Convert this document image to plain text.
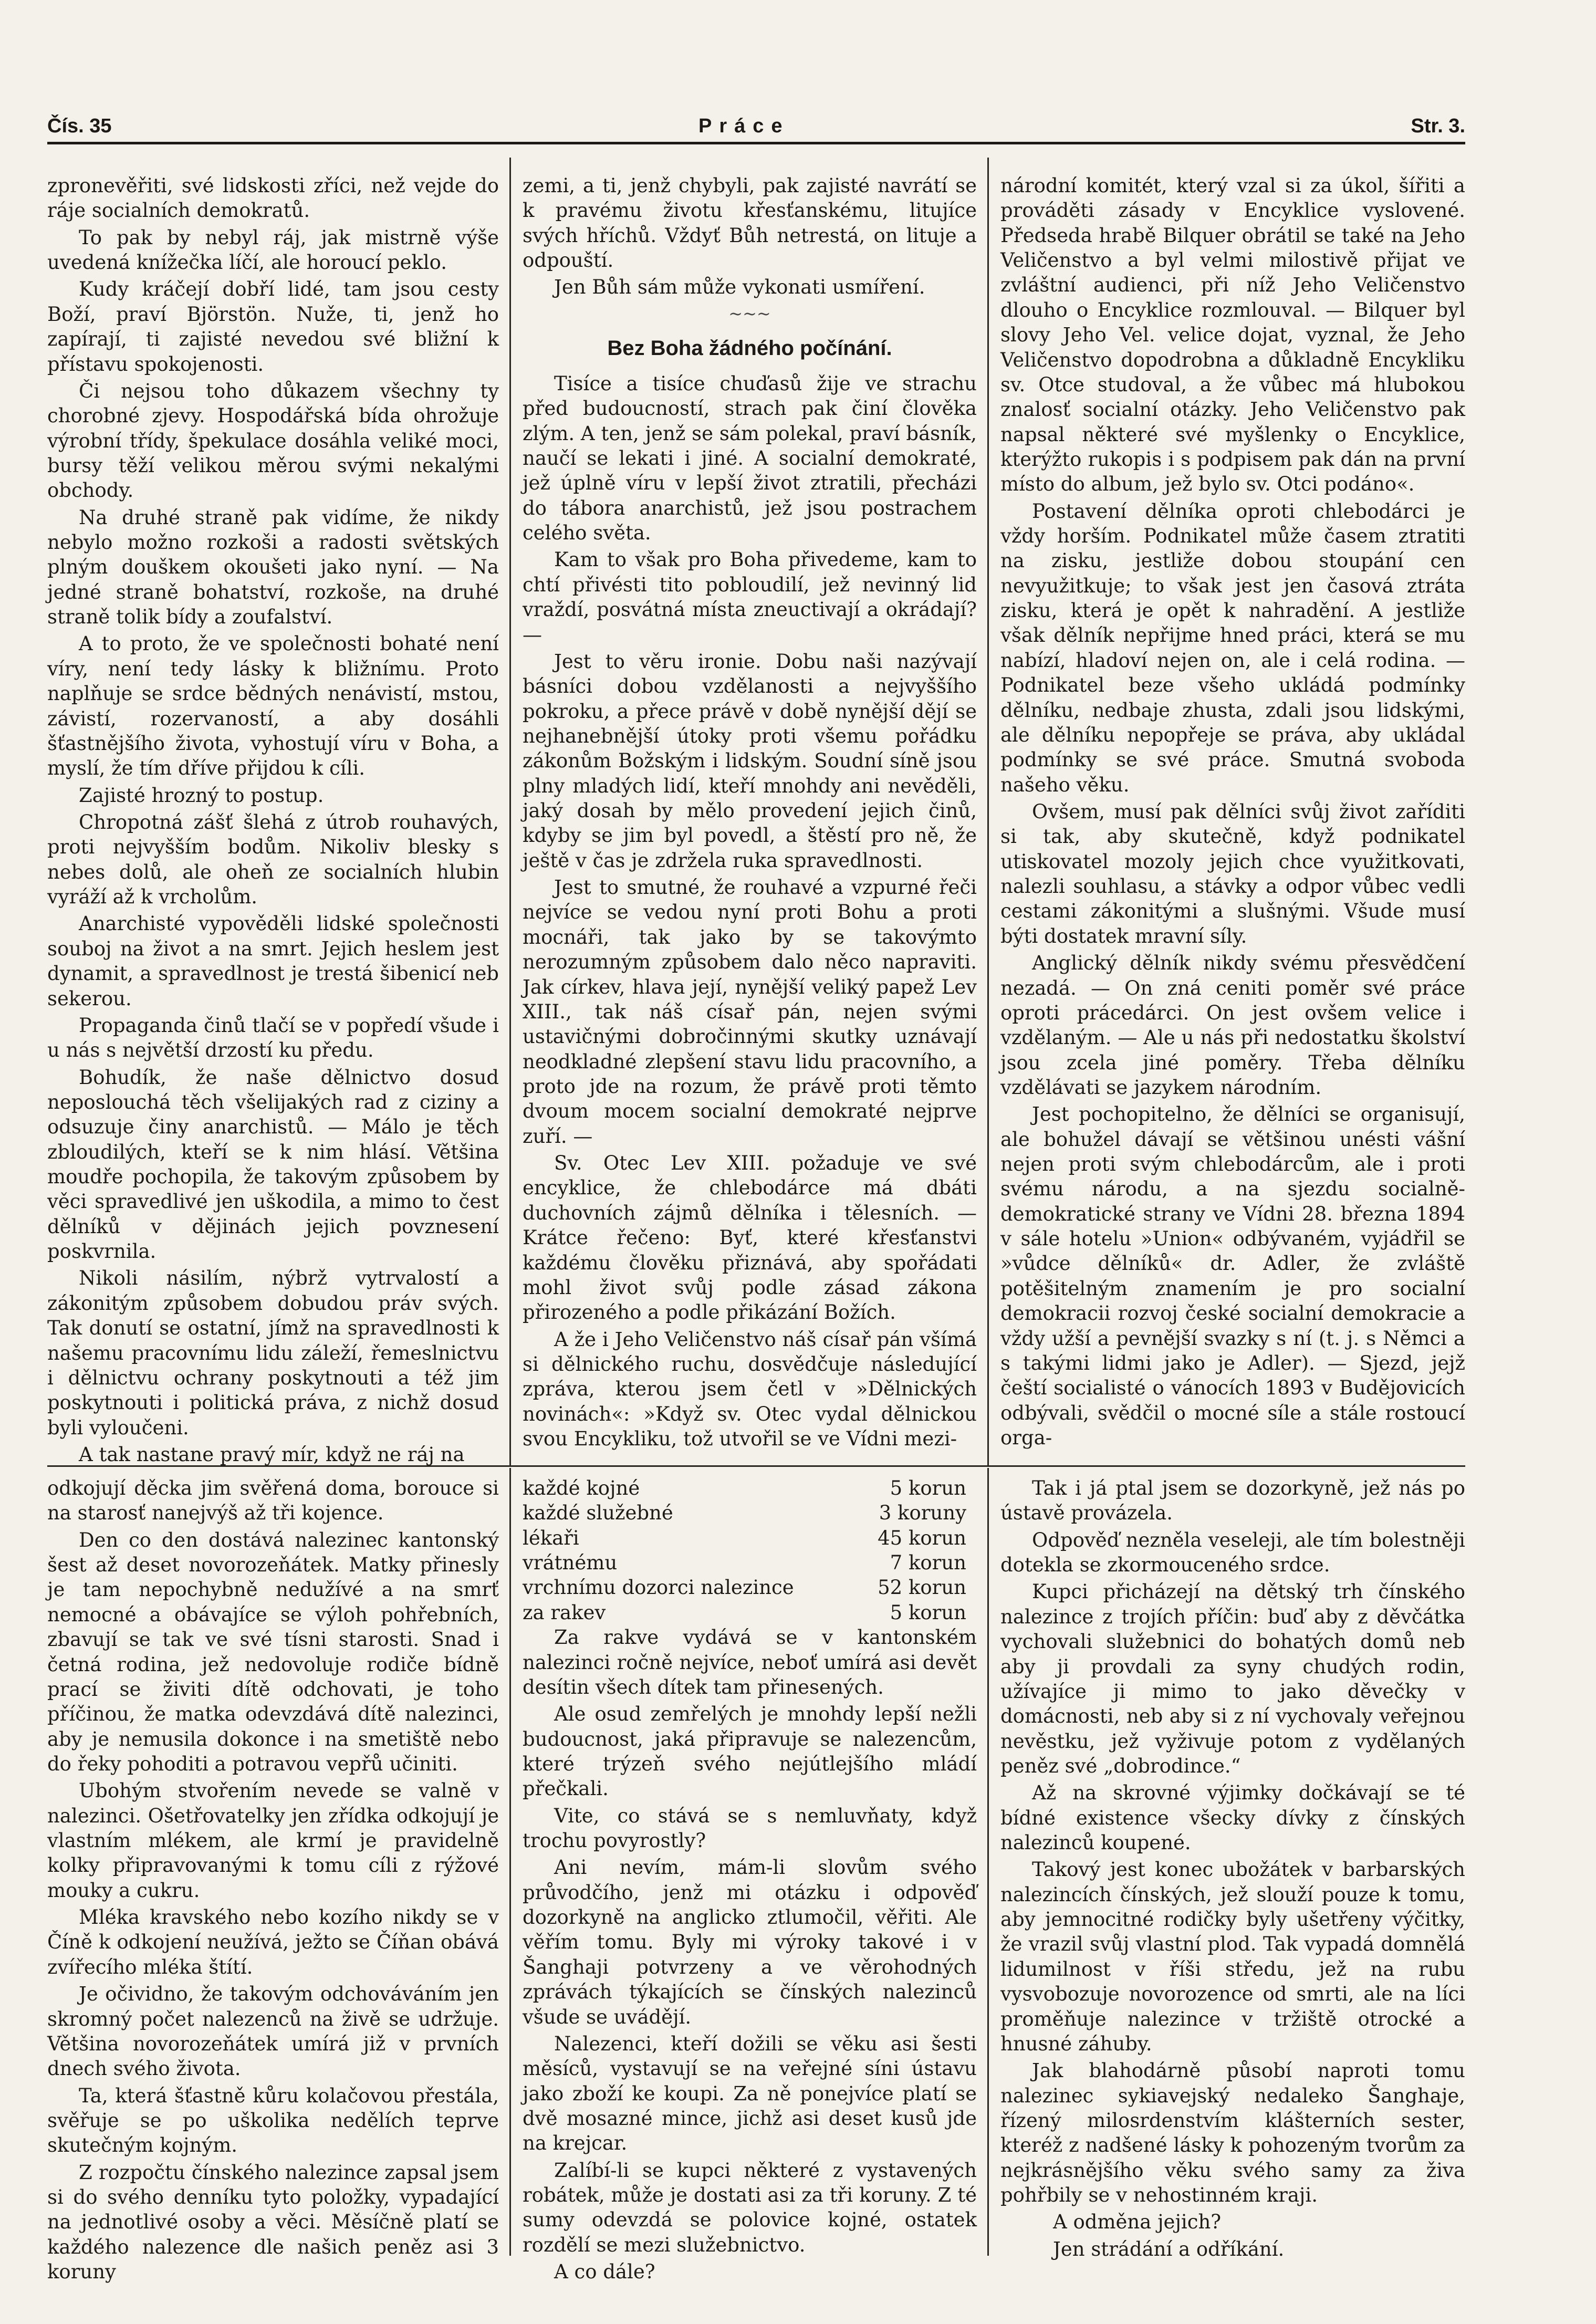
Čís. 35	Práce	Str. 3.

zpronevěřiti, své lidskosti zříci, než vejde do ráje socialních demokratů.

To pak by nebyl ráj, jak mistrně výše uvedená knížečka líčí, ale horoucí peklo.

Kudy kráčejí dobří lidé, tam jsou cesty Boží, praví Björstön. Nuže, ti, jenž ho zapírají, ti zajisté nevedou své bližní k přístavu spokojenosti.

Či nejsou toho důkazem všechny ty chorobné zjevy. Hospodářská bída ohrožuje výrobní třídy, špekulace dosáhla veliké moci, bursy těží velikou měrou svými nekalými obchody.

Na druhé straně pak vidíme, že nikdy nebylo možno rozkoši a radosti světských plným douškem okoušeti jako nyní. — Na jedné straně bohatství, rozkoše, na druhé straně tolik bídy a zoufalství.

A to proto, že ve společnosti bohaté není víry, není tedy lásky k bližnímu. Proto naplňuje se srdce bědných nenávistí, mstou, závistí, rozervaností, a aby dosáhli šťastnějšího života, vyhostují víru v Boha, a myslí, že tím dříve přijdou k cíli.

Zajisté hrozný to postup.

Chropotná zášť šlehá z útrob rouhavých, proti nejvyšším bodům. Nikoliv blesky s nebes dolů, ale oheň ze socialních hlubin vyráží až k vrcholům.

Anarchisté vypověděli lidské společnosti souboj na život a na smrt. Jejich heslem jest dynamit, a spravedlnost je trestá šibenicí neb sekerou.

Propaganda činů tlačí se v popředí všude i u nás s největší drzostí ku předu.

Bohudík, že naše dělnictvo dosud neposlouchá těch všelijakých rad z ciziny a odsuzuje činy anarchistů. — Málo je těch zbloudilých, kteří se k nim hlásí. Většina moudře pochopila, že takovým způsobem by věci spravedlivé jen uškodila, a mimo to čest dělníků v dějinách jejich povznesení poskvrnila.

Nikoli násilím, nýbrž vytrvalostí a zákonitým způsobem dobudou práv svých. Tak donutí se ostatní, jímž na spravedlnosti k našemu pracovnímu lidu záleží, řemeslnictvu i dělnictvu ochrany poskytnouti a též jim poskytnouti i politická práva, z nichž dosud byli vyloučeni.

A tak nastane pravý mír, když ne ráj na

zemi, a ti, jenž chybyli, pak zajisté navrátí se k pravému životu křesťanskému, litujíce svých hříchů. Vždyť Bůh netrestá, on lituje a odpouští.

Jen Bůh sám může vykonati usmíření.

~~~
Bez Boha žádného počínání.

Tisíce a tisíce chuďasů žije ve strachu před budoucností, strach pak činí člověka zlým. A ten, jenž se sám polekal, praví básník, naučí se lekati i jiné. A socialní demokraté, jež úplně víru v lepší život ztratili, přecházi do tábora anarchistů, jež jsou postrachem celého světa.

Kam to však pro Boha přivedeme, kam to chtí přivésti tito pobloudilí, jež nevinný lid vraždí, posvátná místa zneuctivají a okrádají? —

Jest to věru ironie. Dobu naši nazývají básníci dobou vzdělanosti a nejvyššího pokroku, a přece právě v době nynější dějí se nejhanebnější útoky proti všemu pořádku zákonům Božským i lidským. Soudní síně jsou plny mladých lidí, kteří mnohdy ani nevěděli, jaký dosah by mělo provedení jejich činů, kdyby se jim byl povedl, a štěstí pro ně, že ještě v čas je zdržela ruka spravedlnosti.

Jest to smutné, že rouhavé a vzpurné řeči nejvíce se vedou nyní proti Bohu a proti mocnáři, tak jako by se takovýmto nerozumným způsobem dalo něco napraviti. Jak církev, hlava její, nynější veliký papež Lev XIII., tak náš císař pán, nejen svými ustavičnými dobročinnými skutky uznávají neodkladné zlepšení stavu lidu pracovního, a proto jde na rozum, že právě proti těmto dvoum mocem socialní demokraté nejprve zuří. —

Sv. Otec Lev XIII. požaduje ve své encyklice, že chlebodárce má dbáti duchovních zájmů dělníka i tělesních. — Krátce řečeno: Byť, které křesťanstvi každému člověku přiznává, aby spořádati mohl život svůj podle zásad zákona přirozeného a podle přikázání Božích.

A že i Jeho Veličenstvo náš císař pán všímá si dělnického ruchu, dosvědčuje následující zpráva, kterou jsem četl v »Dělnických novinách«: »Když sv. Otec vydal dělnickou svou Encykliku, tož utvořil se ve Vídni mezi-

národní komitét, který vzal si za úkol, šířiti a prováděti zásady v Encyklice vyslovené. Předseda hrabě Bilquer obrátil se také na Jeho Veličenstvo a byl velmi milostivě přijat ve zvláštní audienci, při níž Jeho Veličenstvo dlouho o Encyklice rozmlouval. — Bilquer byl slovy Jeho Vel. velice dojat, vyznal, že Jeho Veličenstvo dopodrobna a důkladně Encykliku sv. Otce studoval, a že vůbec má hlubokou znalosť socialní otázky. Jeho Veličenstvo pak napsal některé své myšlenky o Encyklice, kterýžto rukopis i s podpisem pak dán na první místo do album, jež bylo sv. Otci podáno«.

Postavení dělníka oproti chlebodárci je vždy horším. Podnikatel může časem ztratiti na zisku, jestliže dobou stoupání cen nevyužitkuje; to však jest jen časová ztráta zisku, která je opět k nahradění. A jestliže však dělník nepřijme hned práci, která se mu nabízí, hladoví nejen on, ale i celá rodina. — Podnikatel beze všeho ukládá podmínky dělníku, nedbaje zhusta, zdali jsou lidskými, ale dělníku nepopřeje se práva, aby ukládal podmínky se své práce. Smutná svoboda našeho věku.

Ovšem, musí pak dělníci svůj život zaříditi si tak, aby skutečně, když podnikatel utiskovatel mozoly jejich chce využitkovati, nalezli souhlasu, a stávky a odpor vůbec vedli cestami zákonitými a slušnými. Všude musí býti dostatek mravní síly.

Anglický dělník nikdy svému přesvědčení nezadá. — On zná ceniti poměr své práce oproti prácedárci. On jest ovšem velice i vzdělaným. — Ale u nás při nedostatku školství jsou zcela jiné poměry. Třeba dělníku vzdělávati se jazykem národním.

Jest pochopitelno, že dělníci se organisují, ale bohužel dávají se většinou unésti vášní nejen proti svým chlebodárcům, ale i proti svému národu, a na sjezdu socialně-demokratické strany ve Vídni 28. března 1894 v sále hotelu »Union« odbývaném, vyjádřil se »vůdce dělníků« dr. Adler, že zvláště potěšitelným znamením je pro socialní demokracii rozvoj české socialní demokracie a vždy užší a pevnější svazky s ní (t. j. s Němci a s takými lidmi jako je Adler). — Sjezd, jejž čeští socialisté o vánocích 1893 v Budějovicích odbývali, svědčil o mocné síle a stále rostoucí orga-

odkojují děcka jim svěřená doma, borouce si na starosť nanejvýš až tři kojence.

Den co den dostává nalezinec kantonský šest až deset novorozeňátek. Matky přinesly je tam nepochybně nedužívé a na smrť nemocné a obávajíce se výloh pohřebních, zbavují se tak ve své tísni starosti. Snad i četná rodina, jež nedovoluje rodiče bídně prací se živiti dítě odchovati, je toho příčinou, že matka odevzdává dítě nalezinci, aby je nemusila dokonce i na smetiště nebo do řeky pohoditi a potravou vepřů učiniti.

Ubohým stvořením nevede se valně v nalezinci. Ošetřovatelky jen zřídka odkojují je vlastním mlékem, ale krmí je pravidelně kolky připravovanými k tomu cíli z rýžové mouky a cukru.

Mléka kravského nebo kozího nikdy se v Číně k odkojení neužívá, ježto se Číňan obává zvířecího mléka štítí.

Je očividno, že takovým odchováváním jen skromný počet nalezenců na živě se udržuje. Většina novorozeňátek umírá již v prvních dnech svého života.

Ta, která šťastně kůru kolačovou přestála, svěřuje se po uškolika nedělích teprve skutečným kojným.

Z rozpočtu čínského nalezince zapsal jsem si do svého denníku tyto položky, vypadající na jednotlivé osoby a věci. Měsíčně platí se každého nalezence dle našich peněz asi 3 koruny

každé kojné	5 korun
každé služebné	3 koruny
lékaři	45 korun
vrátnému	7 korun
vrchnímu dozorci nalezince	52 korun
za rakev	5 korun

Za rakve vydává se v kantonském nalezinci ročně nejvíce, neboť umírá asi devět desítin všech dítek tam přinesených.

Ale osud zemřelých je mnohdy lepší nežli budoucnost, jaká připravuje se nalezencům, které trýzeň svého nejútlejšího mládí přečkali.

Vite, co stává se s nemluvňaty, když trochu povyrostly?

Ani nevím, mám-li slovům svého průvodčího, jenž mi otázku i odpověď dozorkyně na anglicko ztlumočil, věřiti. Ale věřím tomu. Byly mi výroky takové i v Šanghaji potvrzeny a ve věrohodných zprávách týkajících se čínských nalezinců všude se uvádějí.

Nalezenci, kteří dožili se věku asi šesti měsíců, vystavují se na veřejné síni ústavu jako zboží ke koupi. Za ně ponejvíce platí se dvě mosazné mince, jichž asi deset kusů jde na krejcar.

Zalíbí-li se kupci některé z vystavených robátek, může je dostati asi za tři koruny. Z té sumy odevzdá se polovice kojné, ostatek rozdělí se mezi služebnictvo.

A co dále?

Tak i já ptal jsem se dozorkyně, jež nás po ústavě provázela.

Odpověď nezněla veseleji, ale tím bolestněji dotekla se zkormouceného srdce.

Kupci přicházejí na dětský trh čínského nalezince z trojích příčin: buď aby z děvčátka vychovali služebnici do bohatých domů neb aby ji provdali za syny chudých rodin, užívajíce ji mimo to jako děvečky v domácnosti, neb aby si z ní vychovaly veřejnou nevěstku, jež vyživuje potom z vydělaných peněz své „dobrodince.“

Až na skrovné výjimky dočkávají se té bídné existence všecky dívky z čínských nalezinců koupené.

Takový jest konec ubožátek v barbarských nalezincích čínských, jež slouží pouze k tomu, aby jemnocitné rodičky byly ušetřeny výčitky, že vrazil svůj vlastní plod. Tak vypadá domnělá lidumilnost v říši středu, jež na rubu vysvobozuje novorozence od smrti, ale na líci proměňuje nalezince v tržiště otrocké a hnusné záhuby.

Jak blahodárně působí naproti tomu nalezinec sykiavejský nedaleko Šanghaje, řízený milosrdenstvím klášterních sester, kteréž z nadšené lásky k pohozeným tvorům za nejkrásnějšího věku svého samy za živa pohřbily se v nehostinném kraji.

A odměna jejich?

Jen strádání a odříkání.
